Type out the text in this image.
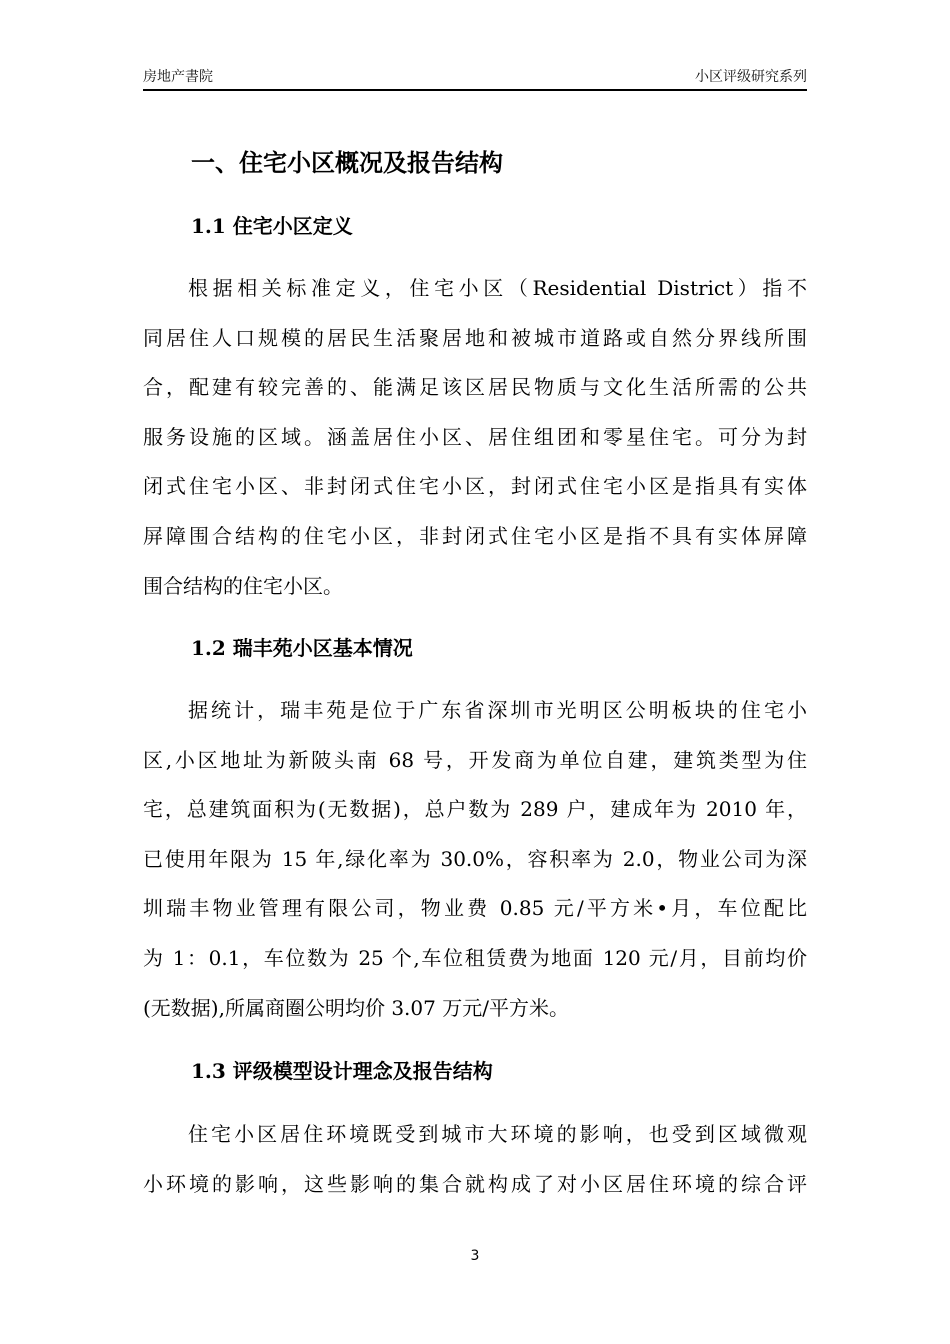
房地产書院	小区评级研究系列
一、住宅小区概况及报告结构
1.1 住宅小区定义
根据相关标准定义，住宅小区（Residential District）指不
同居住人口规模的居民生活聚居地和被城市道路或自然分界线所围
合，配建有较完善的、能满足该区居民物质与文化生活所需的公共
服务设施的区域。涵盖居住小区、居住组团和零星住宅。可分为封
闭式住宅小区、非封闭式住宅小区，封闭式住宅小区是指具有实体
屏障围合结构的住宅小区，非封闭式住宅小区是指不具有实体屏障
围合结构的住宅小区。
1.2 瑞丰苑小区基本情况
据统计，瑞丰苑是位于广东省深圳市光明区公明板块的住宅小
区,小区地址为新陂头南 68 号，开发商为单位自建，建筑类型为住
宅，总建筑面积为(无数据)，总户数为 289 户，建成年为 2010 年，
已使用年限为 15 年,绿化率为 30.0%，容积率为 2.0，物业公司为深
圳瑞丰物业管理有限公司，物业费 0.85 元/平方米•月，车位配比
为 1：0.1，车位数为 25 个,车位租赁费为地面 120 元/月，目前均价
(无数据),所属商圈公明均价 3.07 万元/平方米。
1.3 评级模型设计理念及报告结构
住宅小区居住环境既受到城市大环境的影响，也受到区域微观
小环境的影响，这些影响的集合就构成了对小区居住环境的综合评
3
